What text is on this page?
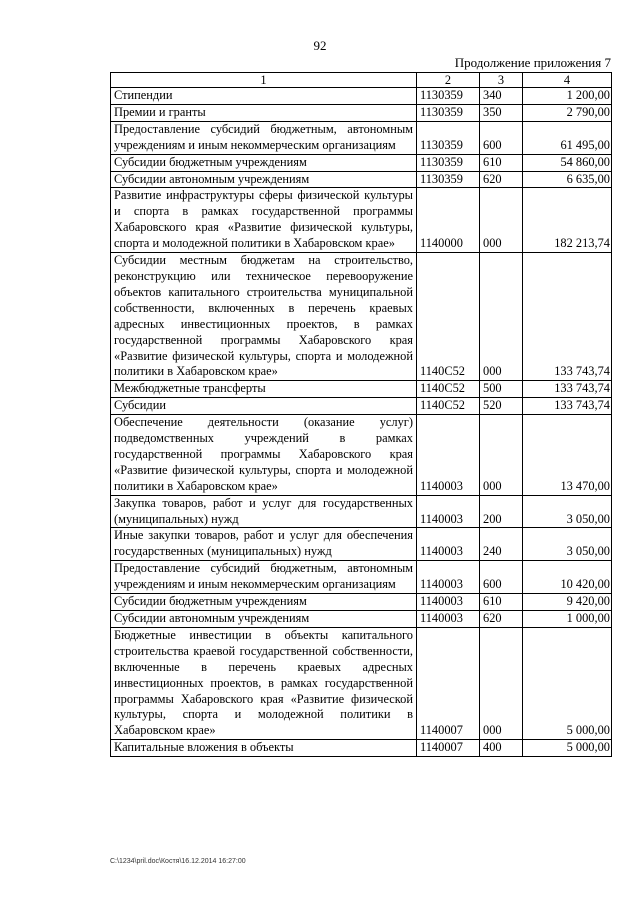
92
Продолжение приложения 7
1	2	3	4
Стипендии	1130359	340	1 200,00
Премии и гранты	1130359	350	2 790,00
Предоставление субсидий бюджетным, автономным учреждениям и иным некоммерческим организациям	1130359	600	61 495,00
Субсидии бюджетным учреждениям	1130359	610	54 860,00
Субсидии автономным учреждениям	1130359	620	6 635,00
Развитие инфраструктуры сферы физической культуры и спорта в рамках государственной программы Хабаровского края «Развитие физической культуры, спорта и молодежной политики в Хабаровском крае»	1140000	000	182 213,74
Субсидии местным бюджетам на строительство, реконструкцию или техническое перевооружение объектов капитального строительства муниципальной собственности, включенных в перечень краевых адресных инвестиционных проектов, в рамках государственной программы Хабаровского края «Развитие физической культуры, спорта и молодежной политики в Хабаровском крае»	1140С52	000	133 743,74
Межбюджетные трансферты	1140С52	500	133 743,74
Субсидии	1140С52	520	133 743,74
Обеспечение деятельности (оказание услуг) подведомственных учреждений в рамках государственной программы Хабаровского края «Развитие физической культуры, спорта и молодежной политики в Хабаровском крае»	1140003	000	13 470,00
Закупка товаров, работ и услуг для государственных (муниципальных) нужд	1140003	200	3 050,00
Иные закупки товаров, работ и услуг для обеспечения государственных (муниципальных) нужд	1140003	240	3 050,00
Предоставление субсидий бюджетным, автономным учреждениям и иным некоммерческим организациям	1140003	600	10 420,00
Субсидии бюджетным учреждениям	1140003	610	9 420,00
Субсидии автономным учреждениям	1140003	620	1 000,00
Бюджетные инвестиции в объекты капитального строительства краевой государственной собственности, включенные в перечень краевых адресных инвестиционных проектов, в рамках государственной программы Хабаровского края «Развитие физической культуры, спорта и молодежной политики в Хабаровском крае»	1140007	000	5 000,00
Капитальные вложения в объекты	1140007	400	5 000,00
C:\1234\pril.doc\Костя\16.12.2014 16:27:00
